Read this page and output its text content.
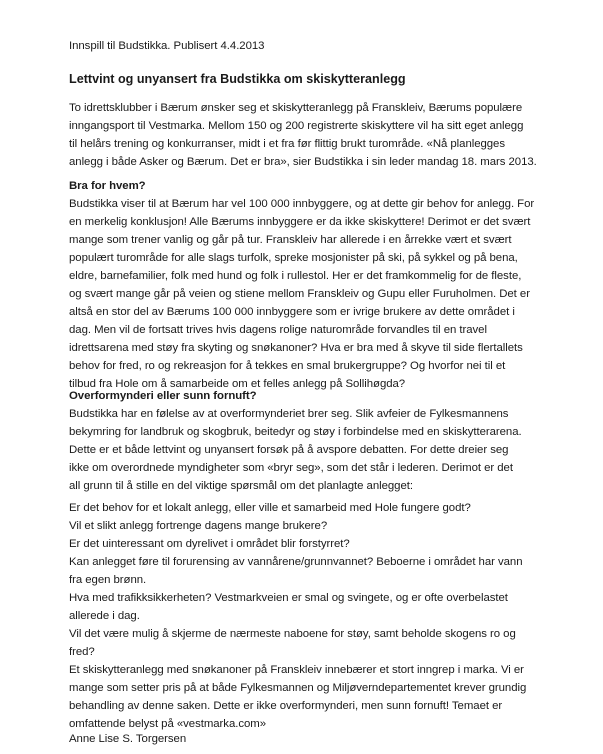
Innspill til Budstikka. Publisert 4.4.2013
Lettvint og unyansert fra Budstikka om skiskytteranlegg
To idrettsklubber i Bærum ønsker seg et skiskytteranlegg på Franskleiv, Bærums populære
inngangsport til Vestmarka. Mellom 150 og 200 registrerte skiskyttere vil ha sitt eget anlegg
til helårs trening og konkurranser, midt i et fra før flittig brukt turområde. «Nå planlegges
anlegg i både Asker og Bærum. Det er bra», sier Budstikka i sin leder mandag 18. mars 2013.
Bra for hvem?
Budstikka viser til at Bærum har vel 100 000 innbyggere, og at dette gir behov for anlegg. For
en merkelig konklusjon! Alle Bærums innbyggere er da ikke skiskyttere! Derimot er det svært
mange som trener vanlig og går på tur. Franskleiv har allerede i en årrekke vært et svært
populært turområde for alle slags turfolk, spreke mosjonister på ski, på sykkel og på bena,
eldre, barnefamilier, folk med hund og folk i rullestol. Her er det framkommelig for de fleste,
og svært mange går på veien og stiene mellom Franskleiv og Gupu eller Furuholmen. Det er
altså en stor del av Bærums 100 000 innbyggere som er ivrige brukere av dette området i
dag. Men vil de fortsatt trives hvis dagens rolige naturområde forvandles til en travel
idrettsarena med støy fra skyting og snøkanoner? Hva er bra med å skyve til side flertallets
behov for fred, ro og rekreasjon for å tekkes en smal brukergruppe? Og hvorfor nei til et
tilbud fra Hole om å samarbeide om et felles anlegg på Sollihøgda?
Overformynderi eller sunn fornuft?
Budstikka har en følelse av at overformynderiet brer seg. Slik avfeier de Fylkesmannens
bekymring for landbruk og skogbruk, beitedyr og støy i forbindelse med en skiskytterarena.
Dette er et både lettvint og unyansert forsøk på å avspore debatten. For dette dreier seg
ikke om overordnede myndigheter som «bryr seg», som det står i lederen. Derimot er det
all grunn til å stille en del viktige spørsmål om det planlagte anlegget:
Er det behov for et lokalt anlegg, eller ville et samarbeid med Hole fungere godt?
Vil et slikt anlegg fortrenge dagens mange brukere?
Er det uinteressant om dyrelivet i området blir forstyrret?
Kan anlegget føre til forurensing av vannårene/grunnvannet? Beboerne i området har vann
fra egen brønn.
Hva med trafikksikkerheten? Vestmarkveien er smal og svingete, og er ofte overbelastet
allerede i dag.
Vil det være mulig å skjerme de nærmeste naboene for støy, samt beholde skogens ro og
fred?
Et skiskytteranlegg med snøkanoner på Franskleiv innebærer et stort inngrep i marka. Vi er
mange som setter pris på at både Fylkesmannen og Miljøverndepartementet krever grundig
behandling av denne saken. Dette er ikke overformynderi, men sunn fornuft! Temaet er
omfattende belyst på «vestmarka.com»
Anne Lise S. Torgersen
